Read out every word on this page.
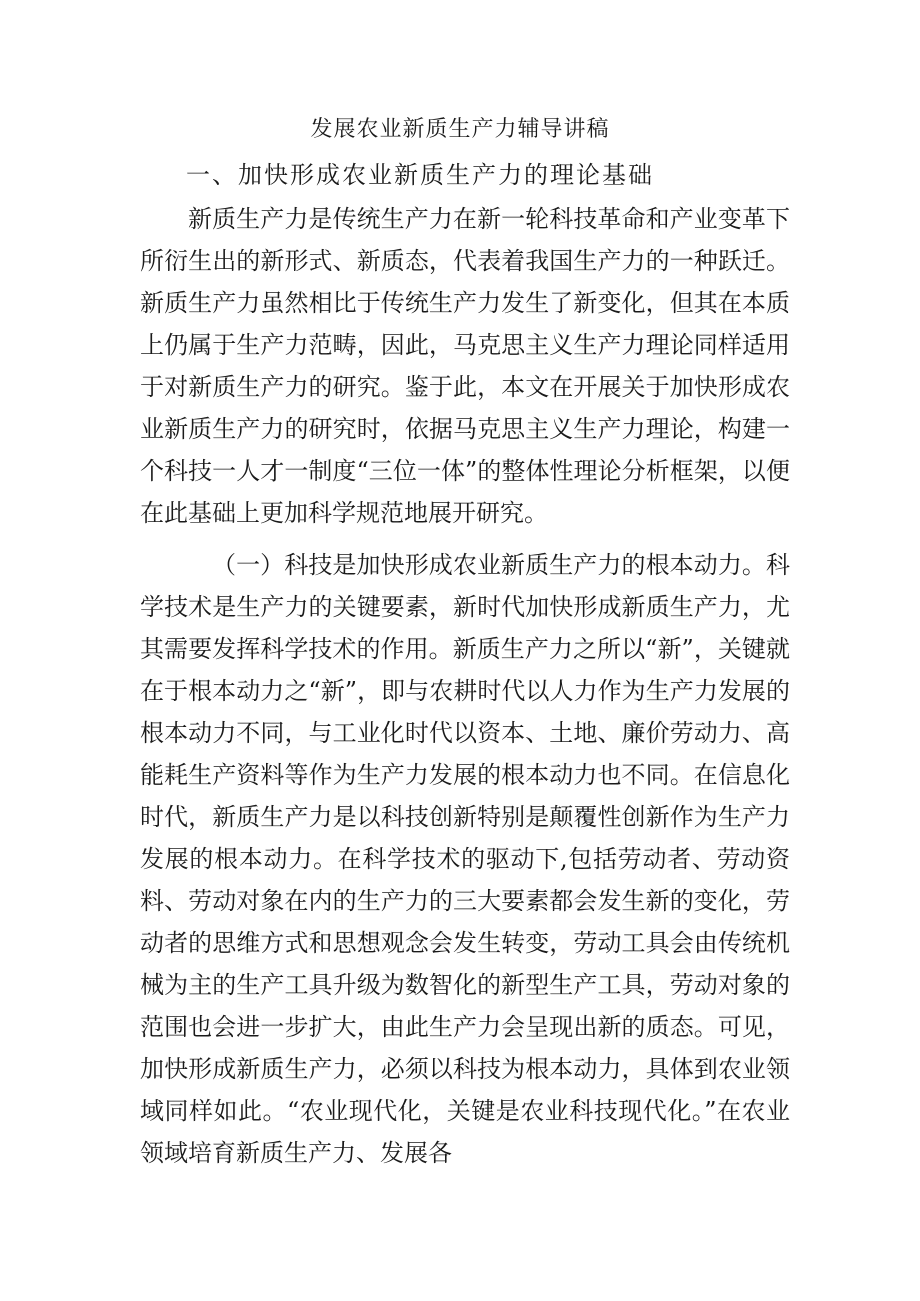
发展农业新质生产力辅导讲稿
一、加快形成农业新质生产力的理论基础

新质生产力是传统生产力在新一轮科技革命和产业变革下所衍生出的新形式、新质态，代表着我国生产力的一种跃迁。新质生产力虽然相比于传统生产力发生了新变化，但其在本质上仍属于生产力范畴，因此，马克思主义生产力理论同样适用于对新质生产力的研究。鉴于此，本文在开展关于加快形成农业新质生产力的研究时，依据马克思主义生产力理论，构建一个科技一人才一制度“三位一体”的整体性理论分析框架，以便在此基础上更加科学规范地展开研究。

（一）科技是加快形成农业新质生产力的根本动力。科学技术是生产力的关键要素，新时代加快形成新质生产力，尤其需要发挥科学技术的作用。新质生产力之所以“新”，关键就在于根本动力之“新”，即与农耕时代以人力作为生产力发展的根本动力不同，与工业化时代以资本、土地、廉价劳动力、高能耗生产资料等作为生产力发展的根本动力也不同。在信息化时代，新质生产力是以科技创新特别是颠覆性创新作为生产力发展的根本动力。在科学技术的驱动下,包括劳动者、劳动资料、劳动对象在内的生产力的三大要素都会发生新的变化，劳动者的思维方式和思想观念会发生转变，劳动工具会由传统机械为主的生产工具升级为数智化的新型生产工具，劳动对象的范围也会进一步扩大，由此生产力会呈现出新的质态。可见，加快形成新质生产力，必须以科技为根本动力，具体到农业领域同样如此。“农业现代化，关键是农业科技现代化。”在农业领域培育新质生产力、发展各
